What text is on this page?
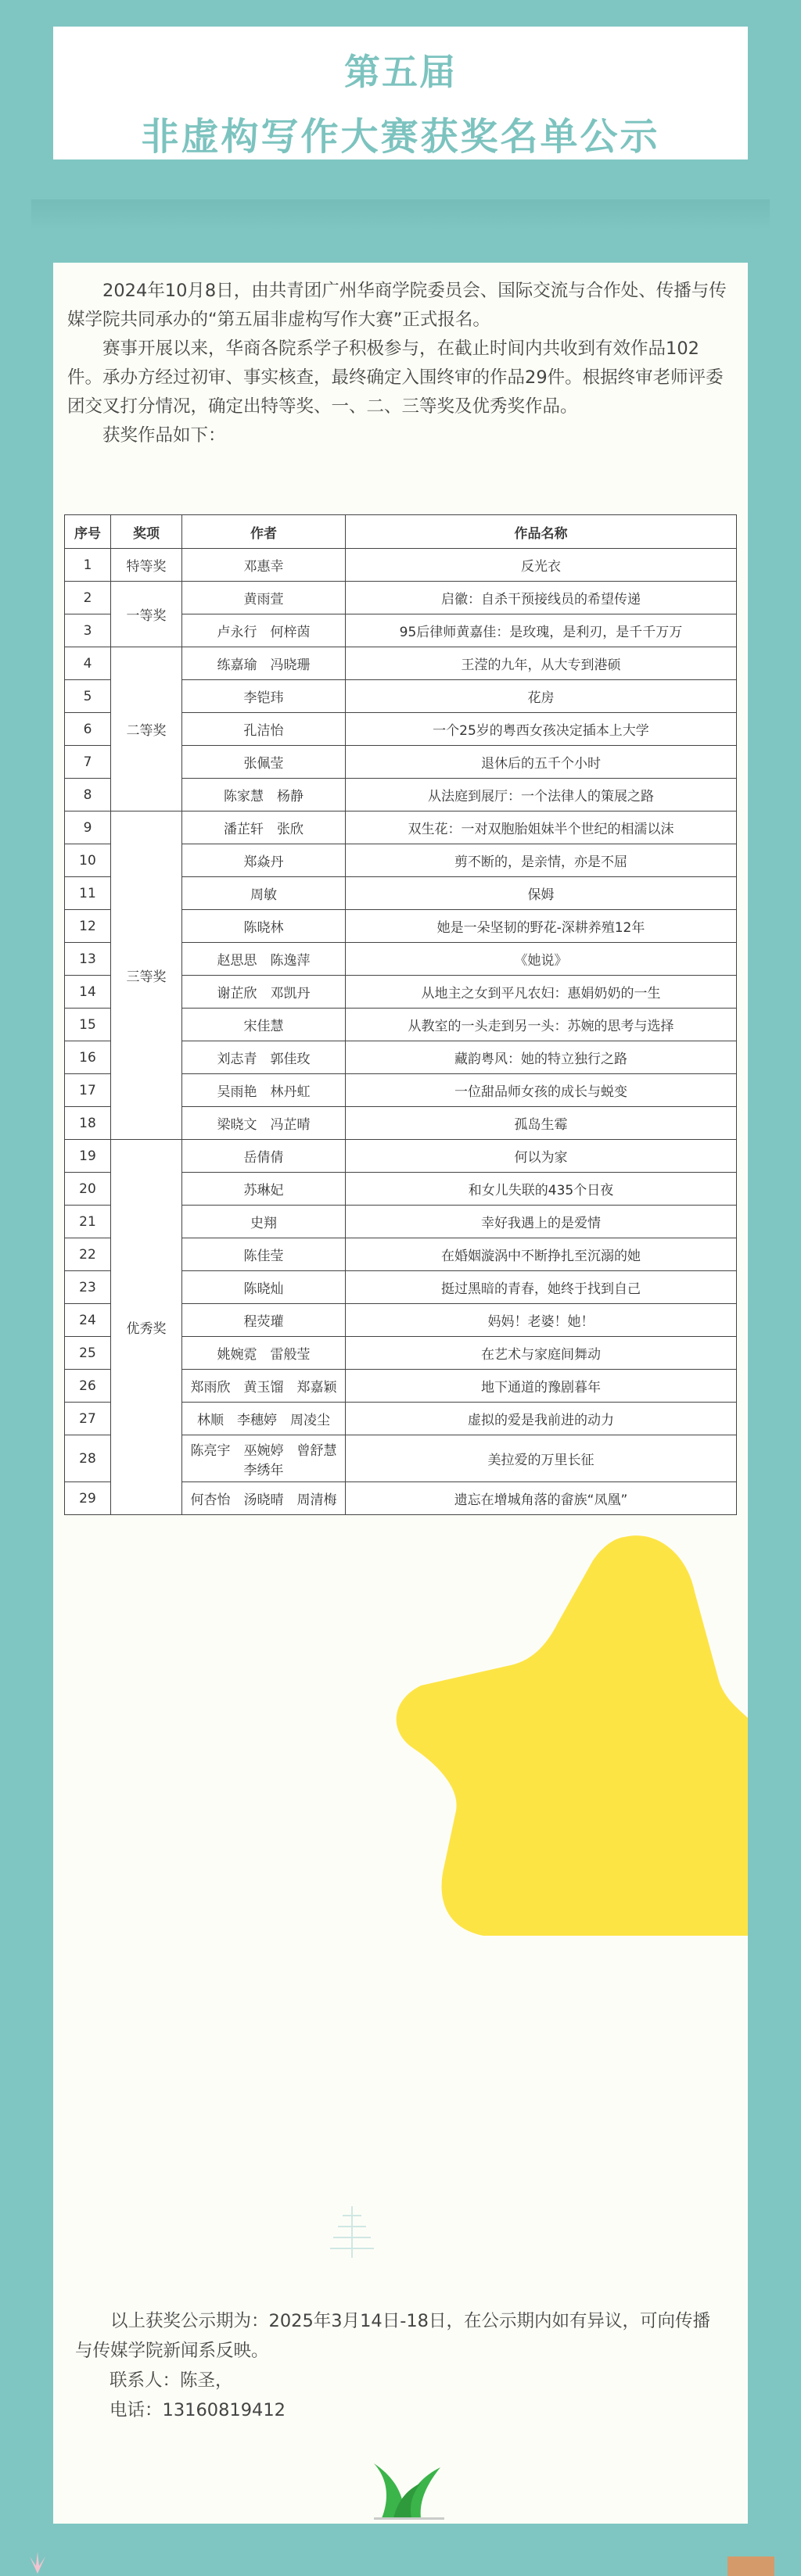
第五届
非虚构写作大赛获奖名单公示

2024年10月8日，由共青团广州华商学院委员会、国际交流与合作处、传播与传媒学院共同承办的“第五届非虚构写作大赛”正式报名。

赛事开展以来，华商各院系学子积极参与，在截止时间内共收到有效作品102件。承办方经过初审、事实核查，最终确定入围终审的作品29件。根据终审老师评委团交叉打分情况，确定出特等奖、一、二、三等奖及优秀奖作品。

获奖作品如下：

序号	奖项	作者	作品名称
1	特等奖	邓惠幸	反光衣
2	一等奖	黄雨萱	启徽：自杀干预接线员的希望传递
3		卢永行　何梓茵	95后律师黄嘉佳：是玫瑰，是利刃，是千千万万
4	二等奖	练嘉瑜　冯晓珊	王滢的九年，从大专到港硕
5		李铠玮	花房
6		孔洁怡	一个25岁的粤西女孩决定插本上大学
7		张佩莹	退休后的五千个小时
8		陈家慧　杨静	从法庭到展厅：一个法律人的策展之路
9	三等奖	潘芷轩　张欣	双生花：一对双胞胎姐妹半个世纪的相濡以沫
10		郑焱丹	剪不断的，是亲情，亦是不屈
11		周敏	保姆
12		陈晓林	她是一朵坚韧的野花-深耕养殖12年
13		赵思思　陈逸萍	《她说》
14		谢芷欣　邓凯丹	从地主之女到平凡农妇：惠娟奶奶的一生
15		宋佳慧	从教室的一头走到另一头：苏婉的思考与选择
16		刘志青　郭佳玫	藏韵粤风：她的特立独行之路
17		吴雨艳　林丹虹	一位甜品师女孩的成长与蜕变
18		梁晓文　冯芷晴	孤岛生霉
19	优秀奖	岳倩倩	何以为家
20		苏琳妃	和女儿失联的435个日夜
21		史翔	幸好我遇上的是爱情
22		陈佳莹	在婚姻漩涡中不断挣扎至沉溺的她
23		陈晓灿	挺过黑暗的青春，她终于找到自己
24		程荧瓘	妈妈！老婆！她！
25		姚婉霓　雷般莹	在艺术与家庭间舞动
26		郑雨欣　黄玉馏　郑嘉颖	地下通道的豫剧暮年
27		林顺　李穗婷　周凌尘	虚拟的爱是我前进的动力
28		陈亮宇　巫婉婷　曾舒慧　李绣年	美拉爱的万里长征
29		何杏怡　汤晓晴　周清梅	遗忘在增城角落的畲族“凤凰”

以上获奖公示期为：2025年3月14日-18日，在公示期内如有异议，可向传播与传媒学院新闻系反映。

联系人：陈圣，

电话：13160819412
